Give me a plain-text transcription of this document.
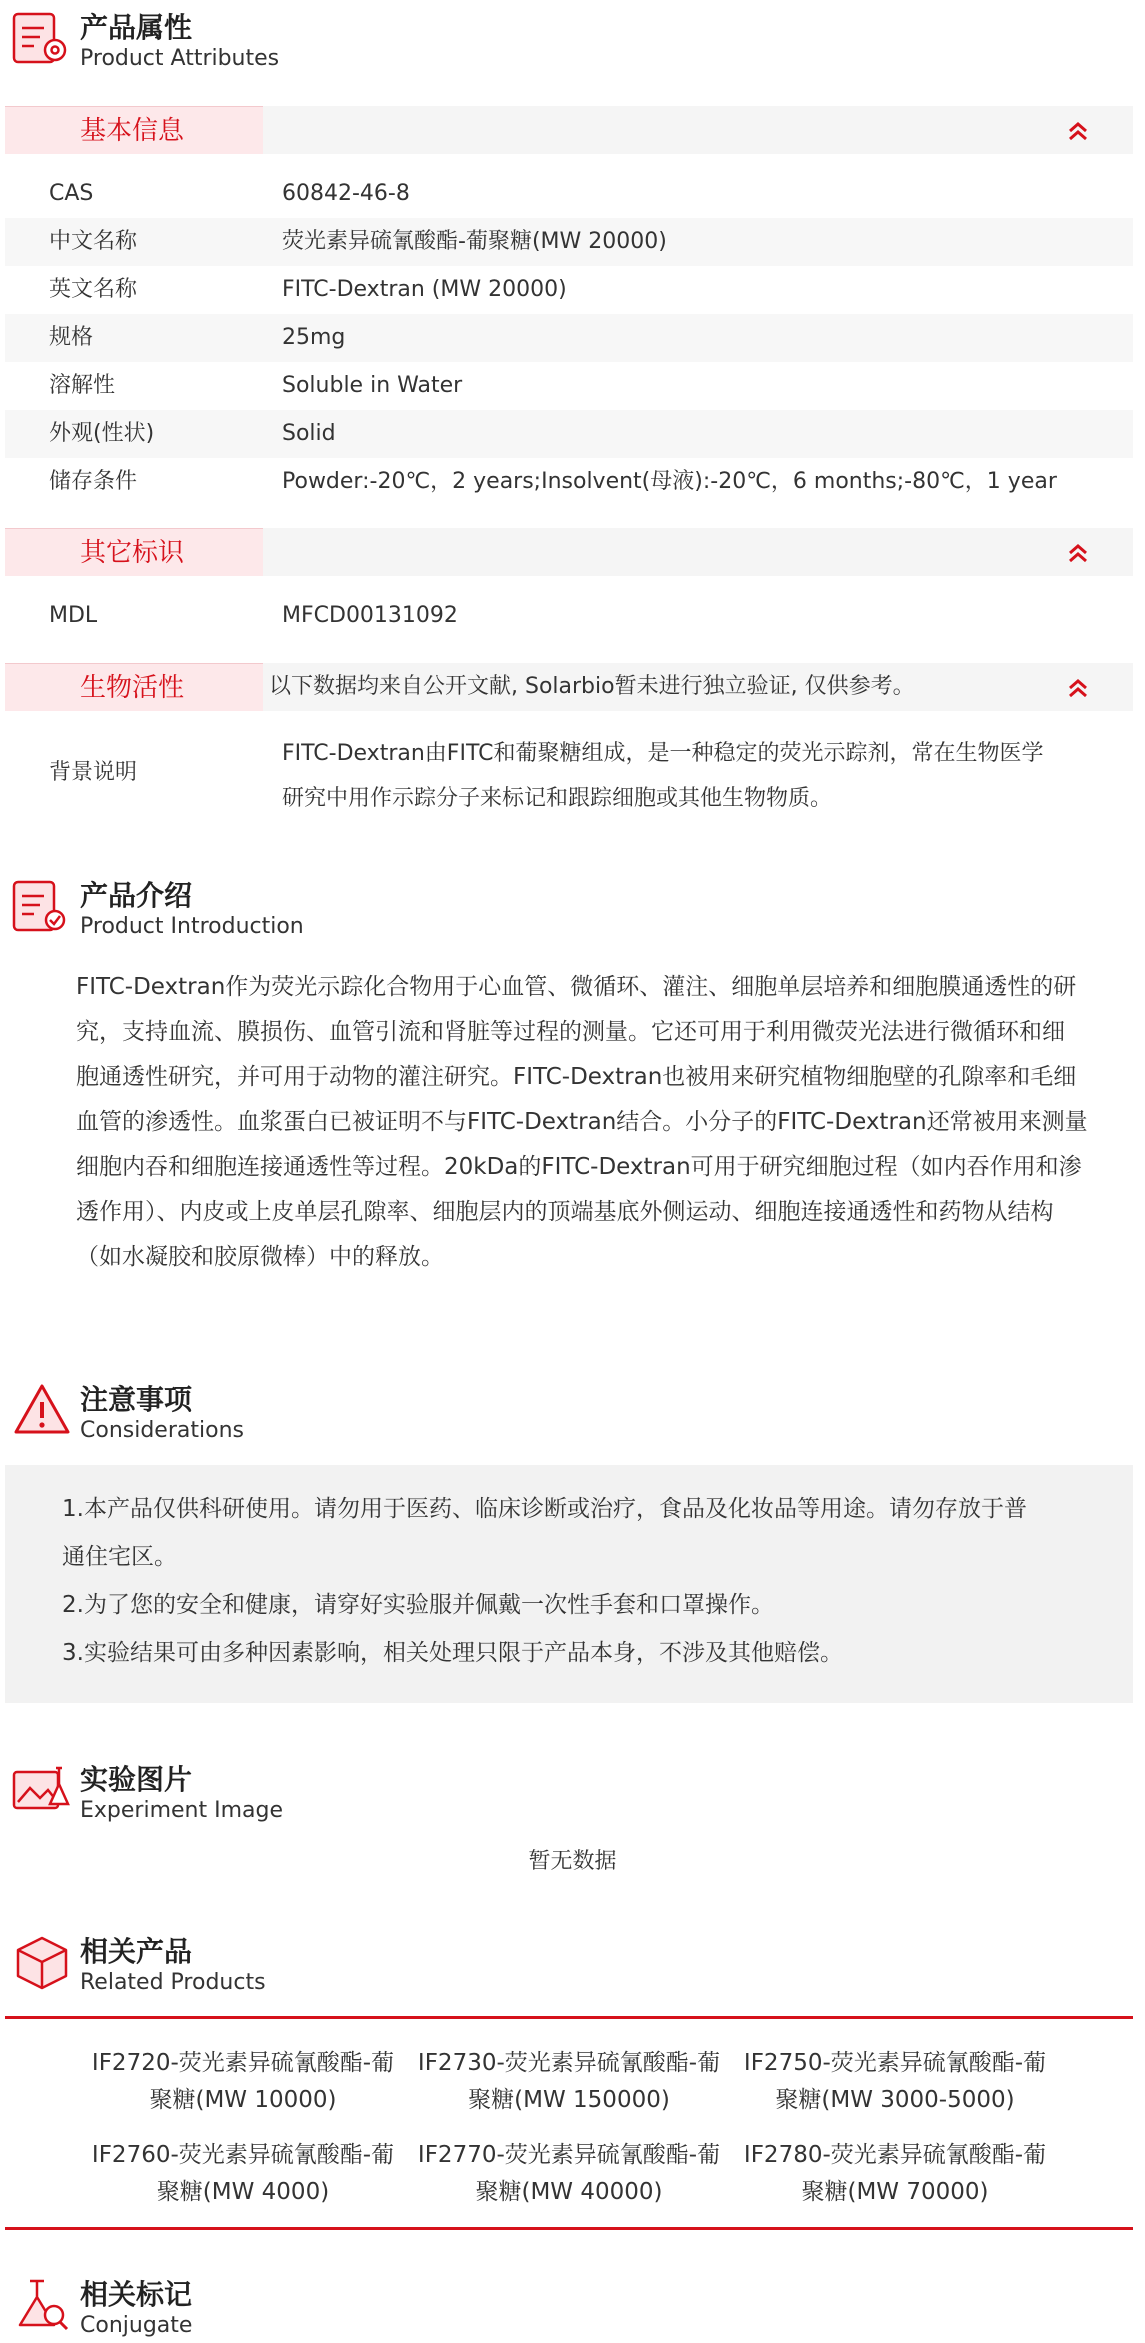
产品属性
Product Attributes
基本信息
CAS	60842-46-8
中文名称	荧光素异硫氰酸酯-葡聚糖(MW 20000)
英文名称	FITC-Dextran (MW 20000)
规格	25mg
溶解性	Soluble in Water
外观(性状)	Solid
储存条件	Powder:-20℃，2 years;Insolvent(母液):-20℃，6 months;-80℃，1 year
其它标识
MDL	MFCD00131092
生物活性	以下数据均来自公开文献, Solarbio暂未进行独立验证, 仅供参考。
背景说明
FITC-Dextran由FITC和葡聚糖组成，是一种稳定的荧光示踪剂，常在生物医学
研究中用作示踪分子来标记和跟踪细胞或其他生物物质。
产品介绍
Product Introduction
FITC-Dextran作为荧光示踪化合物用于心血管、微循环、灌注、细胞单层培养和细胞膜通透性的研
究，支持血流、膜损伤、血管引流和肾脏等过程的测量。它还可用于利用微荧光法进行微循环和细
胞通透性研究，并可用于动物的灌注研究。FITC-Dextran也被用来研究植物细胞壁的孔隙率和毛细
血管的渗透性。血浆蛋白已被证明不与FITC-Dextran结合。小分子的FITC-Dextran还常被用来测量
细胞内吞和细胞连接通透性等过程。20kDa的FITC-Dextran可用于研究细胞过程（如内吞作用和渗
透作用）、内皮或上皮单层孔隙率、细胞层内的顶端基底外侧运动、细胞连接通透性和药物从结构
（如水凝胶和胶原微棒）中的释放。
注意事项
Considerations
1.本产品仅供科研使用。请勿用于医药、临床诊断或治疗，食品及化妆品等用途。请勿存放于普
通住宅区。
2.为了您的安全和健康，请穿好实验服并佩戴一次性手套和口罩操作。
3.实验结果可由多种因素影响，相关处理只限于产品本身，不涉及其他赔偿。
实验图片
Experiment Image
暂无数据
相关产品
Related Products
IF2720-荧光素异硫氰酸酯-葡
聚糖(MW 10000)
IF2730-荧光素异硫氰酸酯-葡
聚糖(MW 150000)
IF2750-荧光素异硫氰酸酯-葡
聚糖(MW 3000-5000)
IF2760-荧光素异硫氰酸酯-葡
聚糖(MW 4000)
IF2770-荧光素异硫氰酸酯-葡
聚糖(MW 40000)
IF2780-荧光素异硫氰酸酯-葡
聚糖(MW 70000)
相关标记
Conjugate
